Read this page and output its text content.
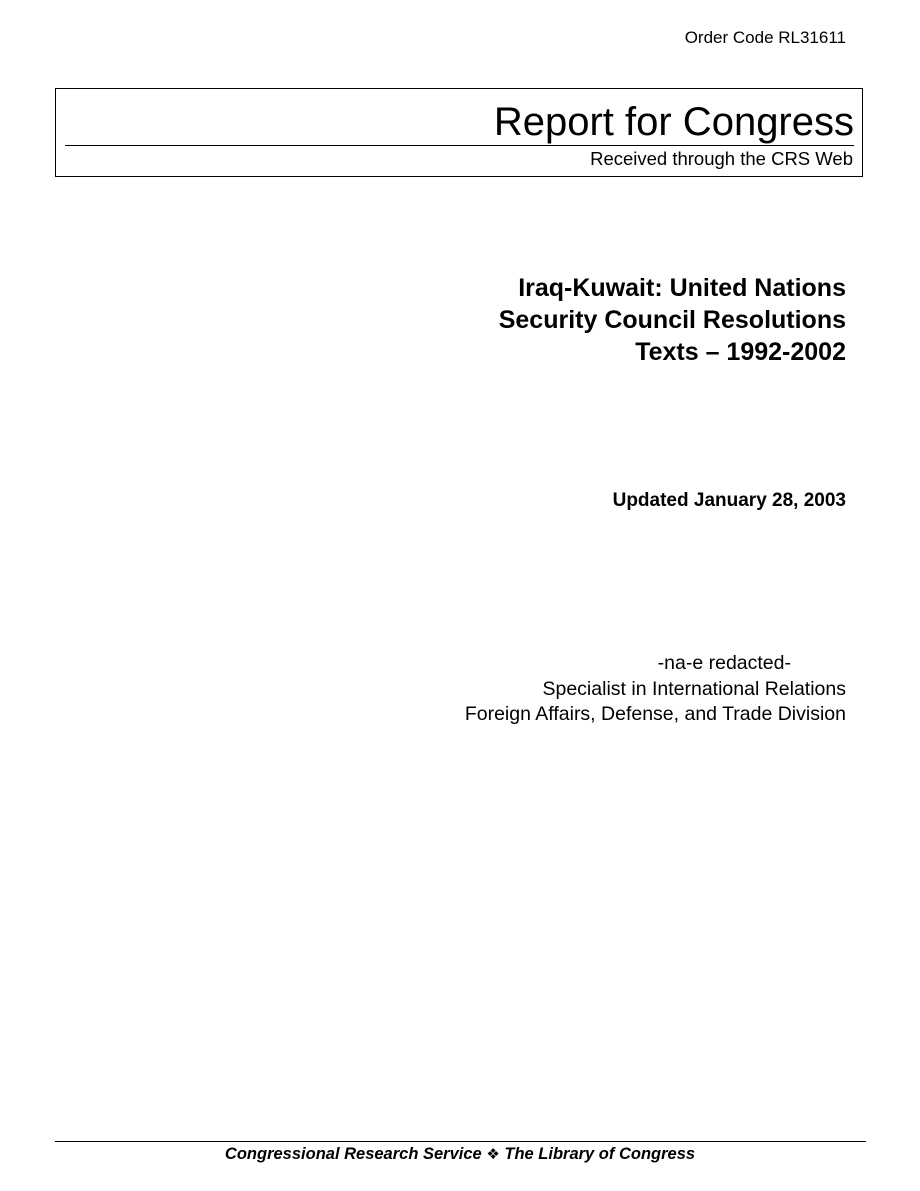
Order Code RL31611
Report for Congress
Received through the CRS Web
Iraq-Kuwait: United Nations
Security Council Resolutions
Texts – 1992-2002
Updated January 28, 2003
-na-e redacted-
Specialist in International Relations
Foreign Affairs, Defense, and Trade Division
Congressional Research Service ❖ The Library of Congress
